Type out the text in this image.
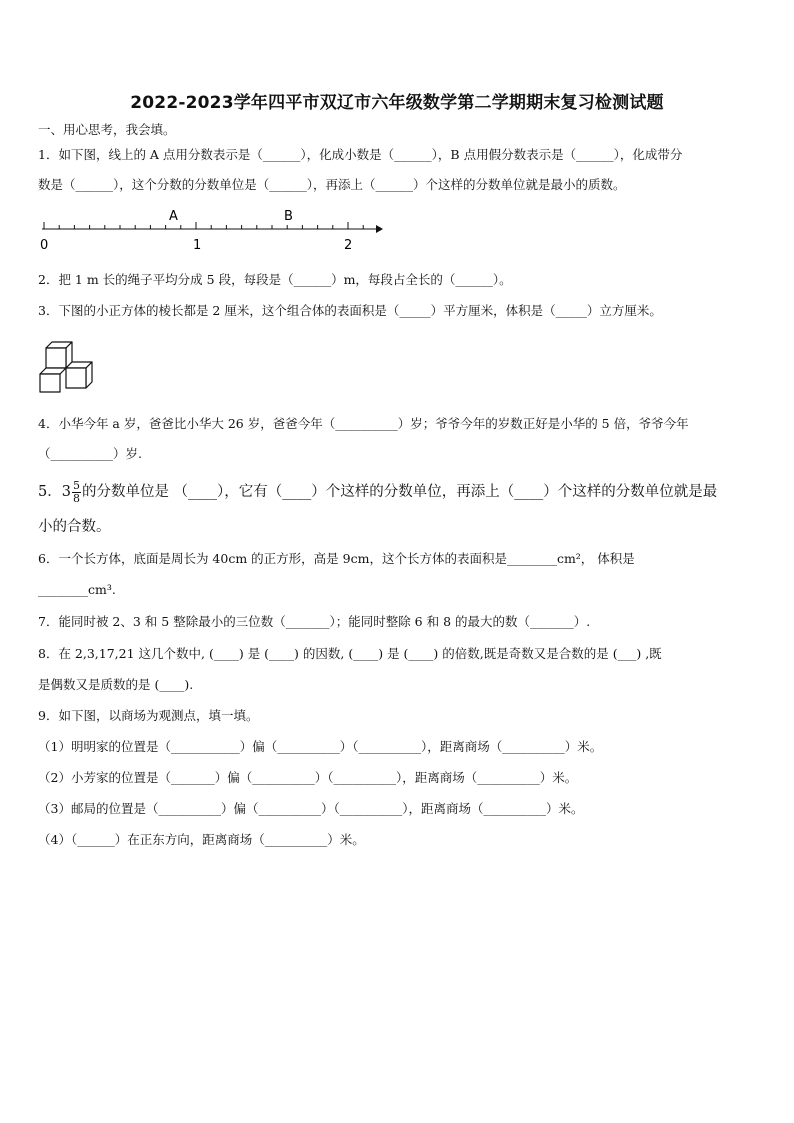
2022-2023学年四平市双辽市六年级数学第二学期期末复习检测试题
一、用心思考，我会填。
1．如下图，线上的 A 点用分数表示是（______），化成小数是（______），B 点用假分数表示是（______），化成带分
数是（______），这个分数的分数单位是（______），再添上（______）个这样的分数单位就是最小的质数。
A	B
0	1	2
2．把 1 m 长的绳子平均分成 5 段，每段是（______）m，每段占全长的（______）。
3．下图的小正方体的棱长都是 2 厘米，这个组合体的表面积是（_____）平方厘米，体积是（_____）立方厘米。
4．小华今年 a 岁，爸爸比小华大 26 岁，爸爸今年（__________）岁；爷爷今年的岁数正好是小华的 5 倍，爷爷今年
（__________）岁.
5．$3 \frac{5}{8}$ 的分数单位是 （____），它有（____）个这样的分数单位，再添上（____）个这样的分数单位就是最
小的合数。
6．一个长方体，底面是周长为 40cm 的正方形，高是 9cm，这个长方体的表面积是________cm²， 体积是
________cm³.
7．能同时被 2、3 和 5 整除最小的三位数（_______）；能同时整除 6 和 8 的最大的数（_______）.
8．在 2,3,17,21 这几个数中, (____) 是 (____) 的因数, (____) 是 (____) 的倍数,既是奇数又是合数的是 (___) ,既
是偶数又是质数的是 (____).
9．如下图，以商场为观测点，填一填。
（1）明明家的位置是（___________）偏（__________）（__________），距离商场（__________）米。
（2）小芳家的位置是（_______）偏（__________）（__________），距离商场（__________）米。
（3）邮局的位置是（__________）偏（__________）（__________），距离商场（__________）米。
（4）（______）在正东方向，距离商场（__________）米。
